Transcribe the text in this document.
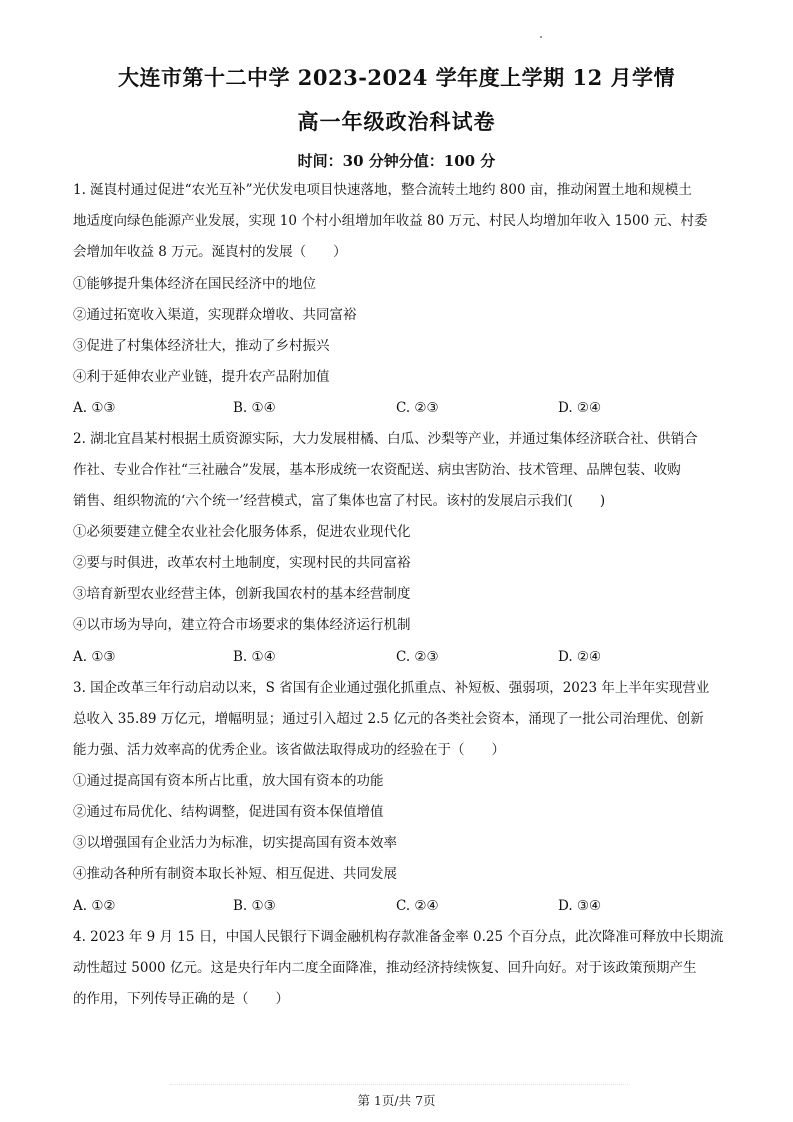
大连市第十二中学 2023-2024 学年度上学期 12 月学情
高一年级政治科试卷
时间：30 分钟分值：100 分
1. 涎崀村通过促进“农光互补”光伏发电项目快速落地，整合流转土地约 800 亩，推动闲置土地和规模土
地适度向绿色能源产业发展，实现 10 个村小组增加年收益 80 万元、村民人均增加年收入 1500 元、村委
会增加年收益 8 万元。涎崀村的发展（　　）
①能够提升集体经济在国民经济中的地位
②通过拓宽收入渠道，实现群众增收、共同富裕
③促进了村集体经济壮大，推动了乡村振兴
④利于延伸农业产业链，提升农产品附加值
A. ①③	B. ①④	C. ②③	D. ②④
2. 湖北宜昌某村根据土质资源实际，大力发展柑橘、白瓜、沙梨等产业，并通过集体经济联合社、供销合
作社、专业合作社“三社融合”发展，基本形成统一农资配送、病虫害防治、技术管理、品牌包装、收购
销售、组织物流的‘六个统一’经营模式，富了集体也富了村民。该村的发展启示我们(　　)
①必须要建立健全农业社会化服务体系，促进农业现代化
②要与时俱进，改革农村土地制度，实现村民的共同富裕
③培育新型农业经营主体，创新我国农村的基本经营制度
④以市场为导向，建立符合市场要求的集体经济运行机制
A. ①③	B. ①④	C. ②③	D. ②④
3. 国企改革三年行动启动以来，S 省国有企业通过强化抓重点、补短板、强弱项，2023 年上半年实现营业
总收入 35.89 万亿元，增幅明显；通过引入超过 2.5 亿元的各类社会资本，涌现了一批公司治理优、创新
能力强、活力效率高的优秀企业。该省做法取得成功的经验在于（　　）
①通过提高国有资本所占比重，放大国有资本的功能
②通过布局优化、结构调整，促进国有资本保值增值
③以增强国有企业活力为标准，切实提高国有资本效率
④推动各种所有制资本取长补短、相互促进、共同发展
A. ①②	B. ①③	C. ②④	D. ③④
4. 2023 年 9 月 15 日，中国人民银行下调金融机构存款准备金率 0.25 个百分点，此次降准可释放中长期流
动性超过 5000 亿元。这是央行年内二度全面降准，推动经济持续恢复、回升向好。对于该政策预期产生
的作用，下列传导正确的是（　　）
第 1页/共 7页
